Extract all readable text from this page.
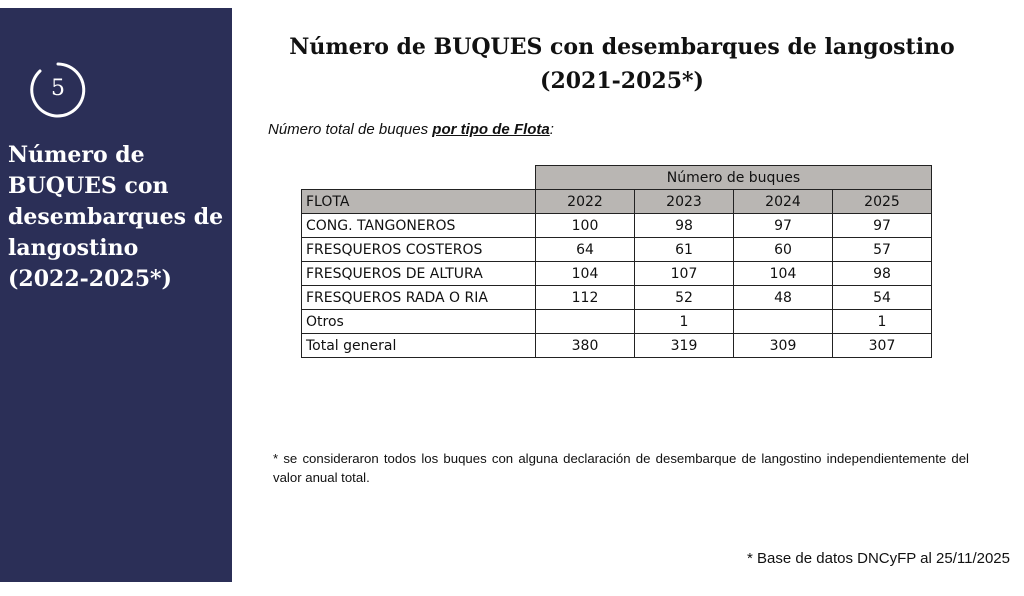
5
Número de
BUQUES con
desembarques de
langostino
(2022-2025*)
Número de BUQUES con desembarques de langostino
(2021-2025*)
Número total de buques por tipo de Flota:
	Número de buques			
FLOTA	2022	2023	2024	2025
CONG. TANGONEROS	100	98	97	97
FRESQUEROS COSTEROS	64	61	60	57
FRESQUEROS DE ALTURA	104	107	104	98
FRESQUEROS RADA O RIA	112	52	48	54
Otros		1		1
Total general	380	319	309	307
* se consideraron todos los buques con alguna declaración de desembarque de langostino independientemente del valor anual total.
* Base de datos DNCyFP al 25/11/2025
